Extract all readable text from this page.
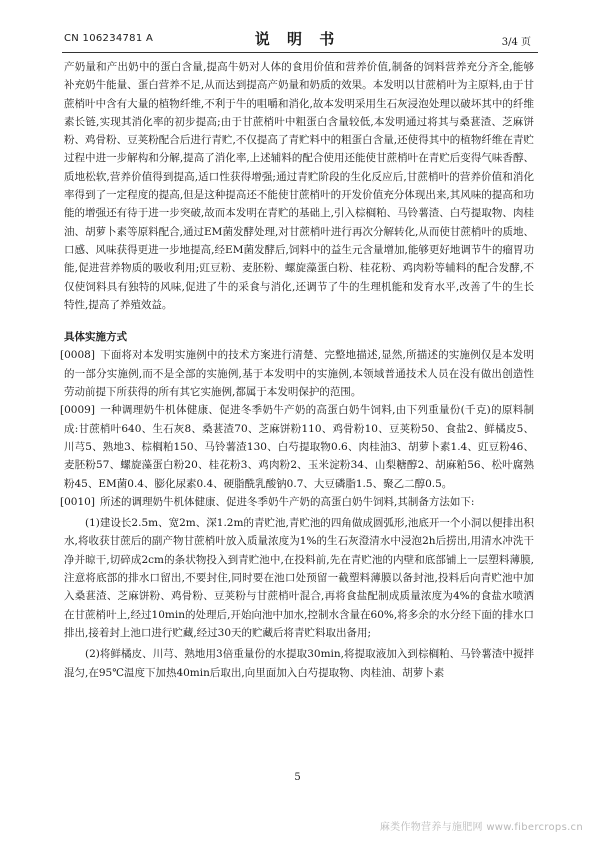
CN 106234781 A	说 明 书	3/4 页

产奶量和产出奶中的蛋白含量,提高牛奶对人体的食用价值和营养价值,制备的饲料营养充分齐全,能够补充奶牛能量、蛋白营养不足,从而达到提高产奶量和奶质的效果。本发明以甘蔗梢叶为主原料,由于甘蔗梢叶中含有大量的植物纤维,不利于牛的咀嚼和消化,故本发明采用生石灰浸泡处理以破坏其中的纤维素长链,实现其消化率的初步提高;由于甘蔗梢叶中粗蛋白含量较低,本发明通过将其与桑葚渣、芝麻饼粉、鸡骨粉、豆荚粉配合后进行青贮,不仅提高了青贮料中的粗蛋白含量,还使得其中的植物纤维在青贮过程中进一步解构和分解,提高了消化率,上述辅料的配合使用还能使甘蔗梢叶在青贮后变得气味香醇、质地松软,营养价值得到提高,适口性获得增强;通过青贮阶段的生化反应后,甘蔗梢叶的营养价值和消化率得到了一定程度的提高,但是这种提高还不能使甘蔗梢叶的开发价值充分体现出来,其风味的提高和功能的增强还有待于进一步突破,故而本发明在青贮的基础上,引入棕榈粕、马铃薯渣、白芍提取物、肉桂油、胡萝卜素等原料配合,通过EM菌发酵处理,对甘蔗梢叶进行再次分解转化,从而使甘蔗梢叶的质地、口感、风味获得更进一步地提高,经EM菌发酵后,饲料中的益生元含量增加,能够更好地调节牛的瘤胃功能,促进营养物质的吸收利用;豇豆粉、麦胚粉、螺旋藻蛋白粉、桂花粉、鸡肉粉等辅料的配合发酵,不仅使饲料具有独特的风味,促进了牛的采食与消化,还调节了牛的生理机能和发育水平,改善了牛的生长特性,提高了养殖效益。

具体实施方式

[0008] 下面将对本发明实施例中的技术方案进行清楚、完整地描述,显然,所描述的实施例仅是本发明的一部分实施例,而不是全部的实施例,基于本发明中的实施例,本领域普通技术人员在没有做出创造性劳动前提下所获得的所有其它实施例,都属于本发明保护的范围。

[0009] 一种调理奶牛机体健康、促进冬季奶牛产奶的高蛋白奶牛饲料,由下列重量份(千克)的原料制成:甘蔗梢叶640、生石灰8、桑葚渣70、芝麻饼粉110、鸡骨粉10、豆荚粉50、食盐2、鲜橘皮5、川芎5、熟地3、棕榈粕150、马铃薯渣130、白芍提取物0.6、肉桂油3、胡萝卜素1.4、豇豆粉46、麦胚粉57、螺旋藻蛋白粉20、桂花粉3、鸡肉粉2、玉米淀粉34、山梨糖醇2、胡麻粕56、松叶腐熟粉45、EM菌0.4、膨化尿素0.4、硬脂酰乳酸钠0.7、大豆磷脂1.5、聚乙二醇0.5。

[0010] 所述的调理奶牛机体健康、促进冬季奶牛产奶的高蛋白奶牛饲料,其制备方法如下:

(1)建设长2.5m、宽2m、深1.2m的青贮池,青贮池的四角做成圆弧形,池底开一个小洞以便排出积水,将收获甘蔗后的副产物甘蔗梢叶放入质量浓度为1%的生石灰澄清水中浸泡2h后捞出,用清水冲洗干净并晾干,切碎成2cm的条状物投入到青贮池中,在投料前,先在青贮池的内壁和底部铺上一层塑料薄膜,注意将底部的排水口留出,不要封住,同时要在池口处预留一截塑料薄膜以备封池,投料后向青贮池中加入桑葚渣、芝麻饼粉、鸡骨粉、豆荚粉与甘蔗梢叶混合,再将食盐配制成质量浓度为4%的食盐水喷洒在甘蔗梢叶上,经过10min的处理后,开始向池中加水,控制水含量在60%,将多余的水分经下面的排水口排出,接着封上池口进行贮藏,经过30天的贮藏后将青贮料取出备用;

(2)将鲜橘皮、川芎、熟地用3倍重量份的水提取30min,将提取液加入到棕榈粕、马铃薯渣中搅拌混匀,在95℃温度下加热40min后取出,向里面加入白芍提取物、肉桂油、胡萝卜素

5
麻类作物营养与施肥网 www.fibercrops.cn
